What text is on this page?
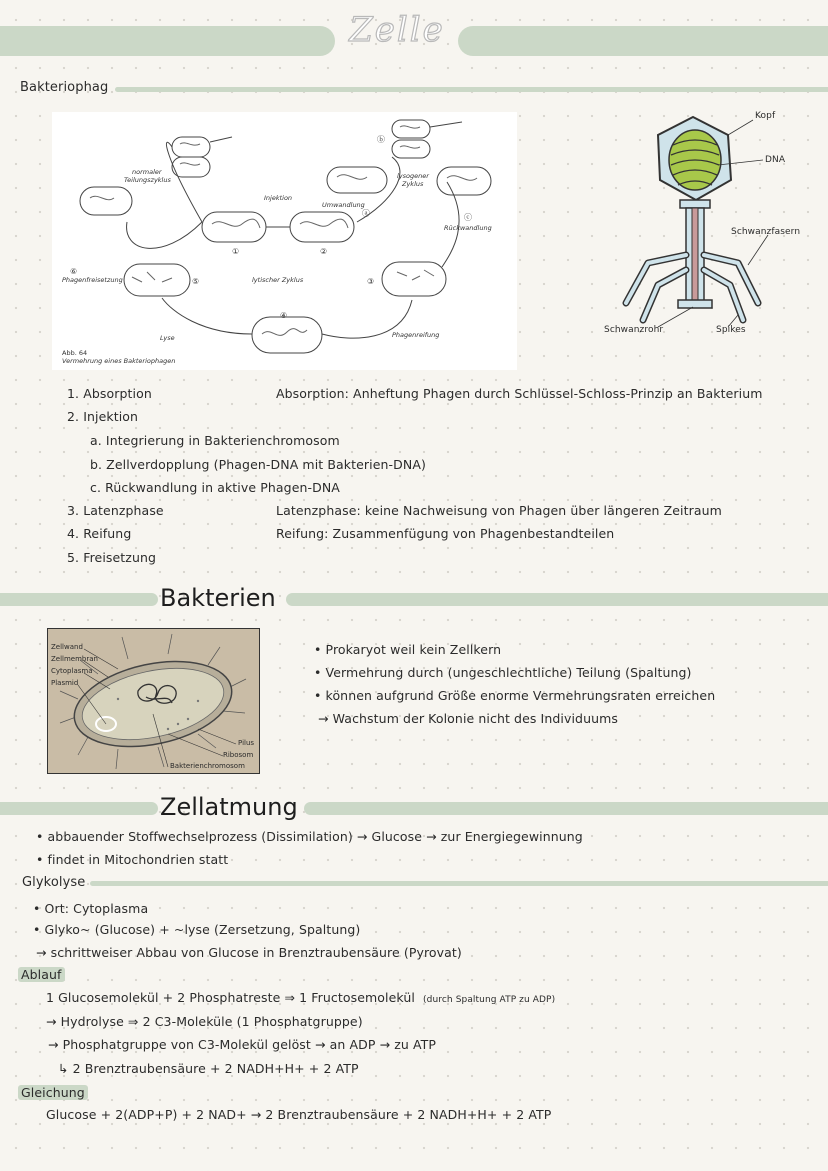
Zelle
Bakteriophag
normaler
Teilungszyklus
Injektion
lysogener
Zyklus
Umwandlung
Rückwandlung
Phagenfreisetzung	lytischer Zyklus
Lyse	Phagenreifung
Abb. 64
Vermehrung eines Bakteriophagen
①	②
③
④
⑤
⑥
ⓐ
ⓑ
ⓒ
Kopf
DNA
Schwanzfasern
Schwanzrohr	Spikes
1. Absorption
2. Injektion
a. Integrierung in Bakterienchromosom
b. Zellverdopplung (Phagen-DNA mit Bakterien-DNA)
c. Rückwandlung in aktive Phagen-DNA
3. Latenzphase
4. Reifung
5. Freisetzung
Absorption: Anheftung Phagen durch Schlüssel-Schloss-Prinzip an Bakterium
Latenzphase: keine Nachweisung von Phagen über längeren Zeitraum
Reifung: Zusammenfügung von Phagenbestandteilen
Bakterien
Zellwand
Zellmembran
Cytoplasma
Plasmid
Pilus
Ribosom
Bakterienchromosom
• Prokaryot weil kein Zellkern
• Vermehrung durch (ungeschlechtliche) Teilung (Spaltung)
• können aufgrund Größe enorme Vermehrungsraten erreichen
→ Wachstum der Kolonie nicht des Individuums
Zellatmung
• abbauender Stoffwechselprozess (Dissimilation) → Glucose → zur Energiegewinnung
• findet in Mitochondrien statt
Glykolyse
• Ort: Cytoplasma
• Glyko~ (Glucose) + ~lyse (Zersetzung, Spaltung)
→ schrittweiser Abbau von Glucose in Brenztraubensäure (Pyrovat)
Ablauf
1 Glucosemolekül + 2 Phosphatreste ⇒ 1 Fructosemolekül (durch Spaltung ATP zu ADP)
→ Hydrolyse ⇒ 2 C3-Moleküle (1 Phosphatgruppe)
→ Phosphatgruppe von C3-Molekül gelöst → an ADP → zu ATP
↳ 2 Brenztraubensäure + 2 NADH+H+ + 2 ATP
Gleichung
Glucose + 2(ADP+P) + 2 NAD+ → 2 Brenztraubensäure + 2 NADH+H+ + 2 ATP
